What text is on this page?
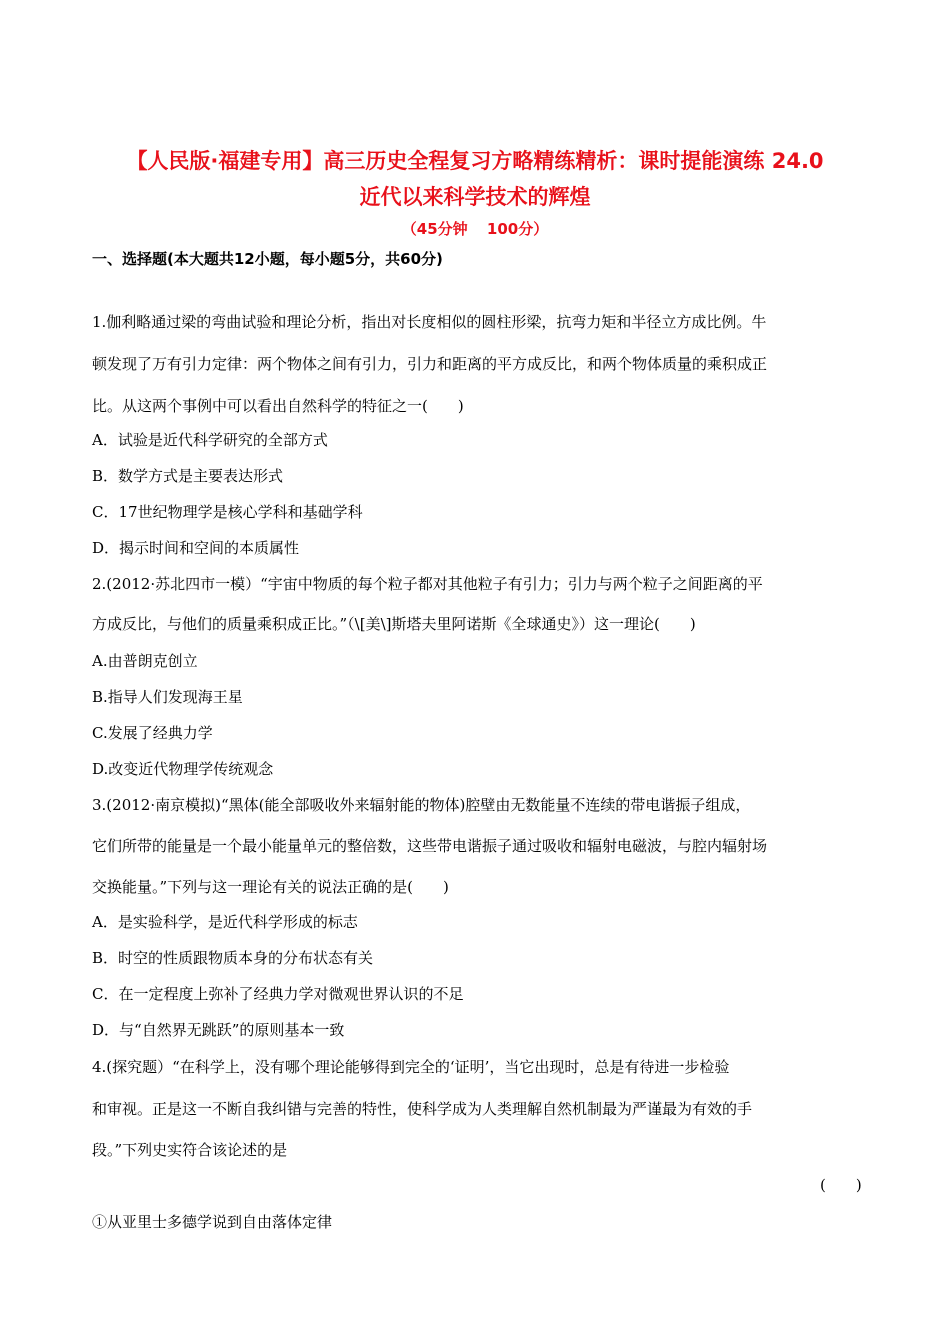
【人民版·福建专用】高三历史全程复习方略精练精析：课时提能演练 24.0
近代以来科学技术的辉煌
（45分钟 100分）
一、选择题(本大题共12小题，每小题5分，共60分)
1.伽利略通过梁的弯曲试验和理论分析，指出对长度相似的圆柱形梁，抗弯力矩和半径立方成比例。牛
顿发现了万有引力定律：两个物体之间有引力，引力和距离的平方成反比，和两个物体质量的乘积成正
比。从这两个事例中可以看出自然科学的特征之一(　　)
A．试验是近代科学研究的全部方式
B．数学方式是主要表达形式
C．17世纪物理学是核心学科和基础学科
D．揭示时间和空间的本质属性
2.(2012·苏北四市一模）“宇宙中物质的每个粒子都对其他粒子有引力；引力与两个粒子之间距离的平
方成反比，与他们的质量乘积成正比。”（\[美\]斯塔夫里阿诺斯《全球通史》）这一理论(　　)
A.由普朗克创立
B.指导人们发现海王星
C.发展了经典力学
D.改变近代物理学传统观念
3.(2012·南京模拟)“黑体(能全部吸收外来辐射能的物体)腔壁由无数能量不连续的带电谐振子组成，
它们所带的能量是一个最小能量单元的整倍数，这些带电谐振子通过吸收和辐射电磁波，与腔内辐射场
交换能量。”下列与这一理论有关的说法正确的是(　　)
A．是实验科学，是近代科学形成的标志
B．时空的性质跟物质本身的分布状态有关
C．在一定程度上弥补了经典力学对微观世界认识的不足
D．与“自然界无跳跃”的原则基本一致
4.(探究题）“在科学上，没有哪个理论能够得到完全的‘证明’，当它出现时，总是有待进一步检验
和审视。正是这一不断自我纠错与完善的特性，使科学成为人类理解自然机制最为严谨最为有效的手
段。”下列史实符合该论述的是
(　　)
①从亚里士多德学说到自由落体定律
